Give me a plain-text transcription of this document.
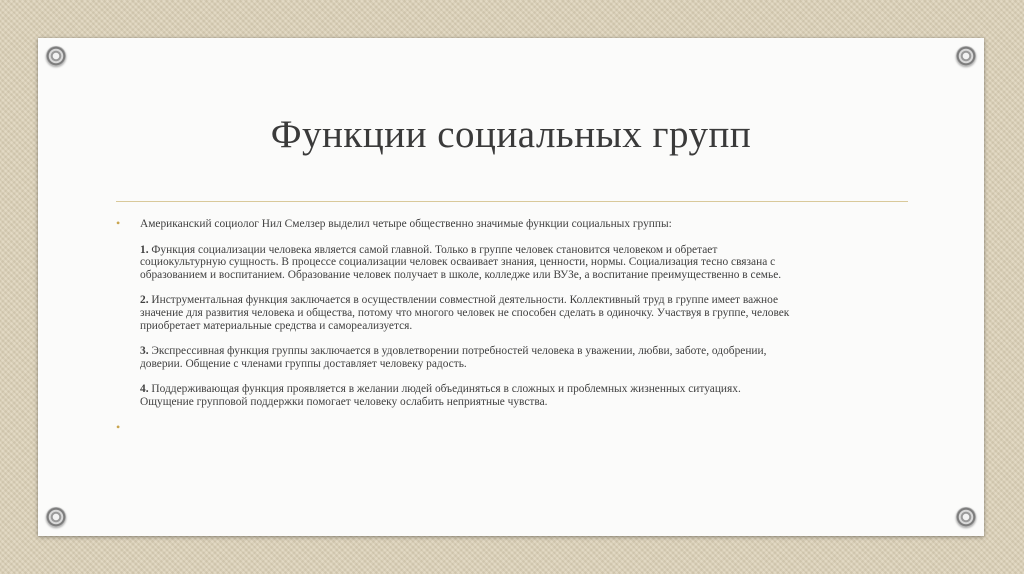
Функции социальных групп
• Американский социолог Нил Смелзер выделил четыре общественно значимые функции социальных группы:
1. Функция социализации человека является самой главной. Только в группе человек становится человеком и обретает
социокультурную сущность. В процессе социализации человек осваивает знания, ценности, нормы. Социализация тесно связана с
образованием и воспитанием. Образование человек получает в школе, колледже или ВУЗе, а воспитание преимущественно в семье.
2. Инструментальная функция заключается в осуществлении совместной деятельности. Коллективный труд в группе имеет важное
значение для развития человека и общества, потому что многого человек не способен сделать в одиночку. Участвуя в группе, человек
приобретает материальные средства и самореализуется.
3. Экспрессивная функция группы заключается в удовлетворении потребностей человека в уважении, любви, заботе, одобрении,
доверии. Общение с членами группы доставляет человеку радость.
4. Поддерживающая функция проявляется в желании людей объединяться в сложных и проблемных жизненных ситуациях.
Ощущение групповой поддержки помогает человеку ослабить неприятные чувства.
•
